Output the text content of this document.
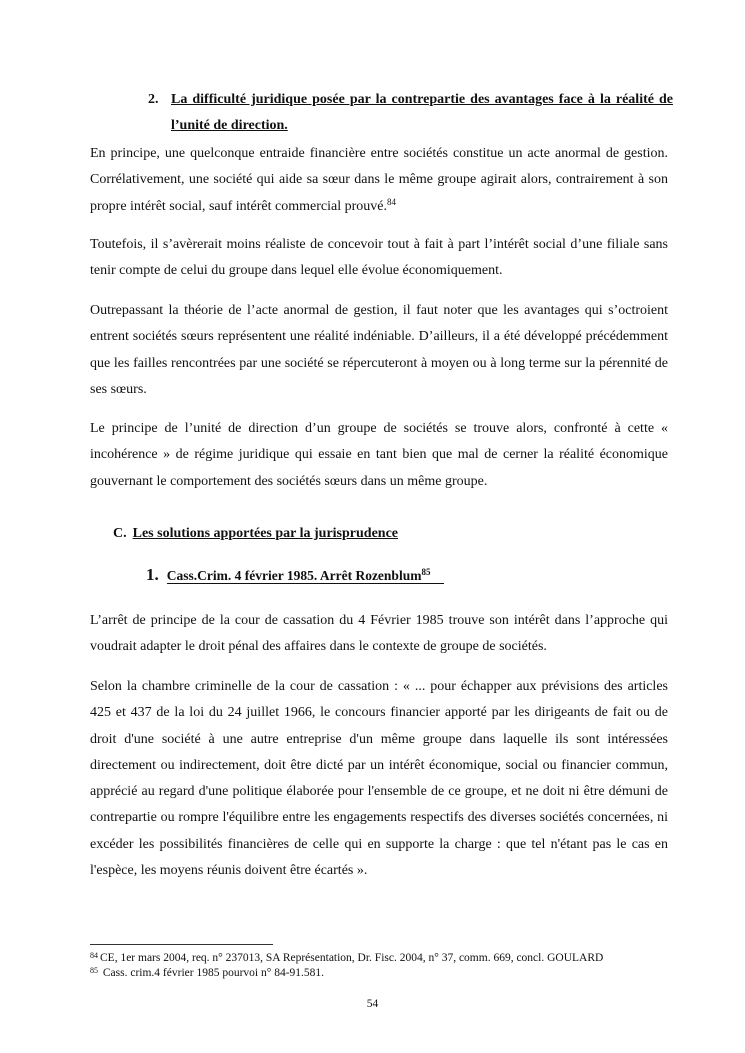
2. La difficulté juridique posée par la contrepartie des avantages face à la réalité de l’unité de direction.

En principe, une quelconque entraide financière entre sociétés constitue un acte anormal de gestion. Corrélativement, une société qui aide sa sœur dans le même groupe agirait alors, contrairement à son propre intérêt social, sauf intérêt commercial prouvé.$^{84}$

Toutefois, il s’avèrerait moins réaliste de concevoir tout à fait à part l’intérêt social d’une filiale sans tenir compte de celui du groupe dans lequel elle évolue économiquement.

Outrepassant la théorie de l’acte anormal de gestion, il faut noter que les avantages qui s’octroient entrent sociétés sœurs représentent une réalité indéniable. D’ailleurs, il a été développé précédemment que les failles rencontrées par une société se répercuteront à moyen ou à long terme sur la pérennité de ses sœurs.

Le principe de l’unité de direction d’un groupe de sociétés se trouve alors, confronté à cette « incohérence » de régime juridique qui essaie en tant bien que mal de cerner la réalité économique gouvernant le comportement des sociétés sœurs dans un même groupe.

C. Les solutions apportées par la jurisprudence
1. Cass.Crim. 4 février 1985. Arrêt Rozenblum$^{85}$

L’arrêt de principe de la cour de cassation du 4 Février 1985 trouve son intérêt dans l’approche qui voudrait adapter le droit pénal des affaires dans le contexte de groupe de sociétés.

Selon la chambre criminelle de la cour de cassation : « ... pour échapper aux prévisions des articles 425 et 437 de la loi du 24 juillet 1966, le concours financier apporté par les dirigeants de fait ou de droit d'une société à une autre entreprise d'un même groupe dans laquelle ils sont intéressées directement ou indirectement, doit être dicté par un intérêt économique, social ou financier commun, apprécié au regard d'une politique élaborée pour l'ensemble de ce groupe, et ne doit ni être démuni de contrepartie ou rompre l'équilibre entre les engagements respectifs des diverses sociétés concernées, ni excéder les possibilités financières de celle qui en supporte la charge : que tel n'étant pas le cas en l'espèce, les moyens réunis doivent être écartés ».

$^{84}$ CE, 1er mars 2004, req. n° 237013, SA Représentation, Dr. Fisc. 2004, n° 37, comm. 669, concl. GOULARD
$^{85}$ Cass. crim.4 février 1985 pourvoi n° 84-91.581.
54
